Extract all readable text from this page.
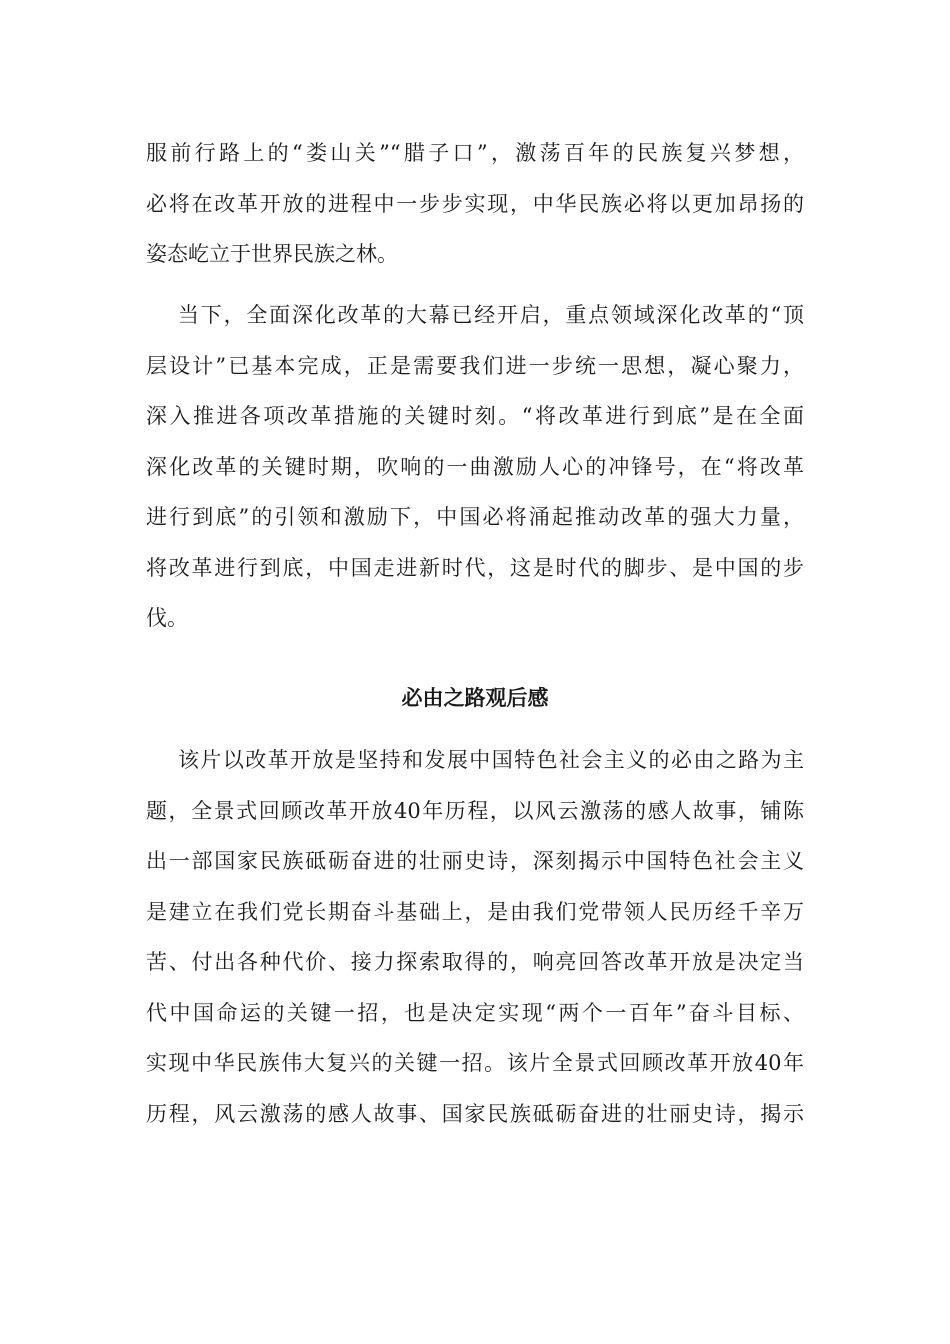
服前行路上的“娄山关”“腊子口”，激荡百年的民族复兴梦想，
必将在改革开放的进程中一步步实现，中华民族必将以更加昂扬的
姿态屹立于世界民族之林。
当下，全面深化改革的大幕已经开启，重点领域深化改革的“顶
层设计”已基本完成，正是需要我们进一步统一思想，凝心聚力，
深入推进各项改革措施的关键时刻。“将改革进行到底”是在全面
深化改革的关键时期，吹响的一曲激励人心的冲锋号，在“将改革
进行到底”的引领和激励下，中国必将涌起推动改革的强大力量，
将改革进行到底，中国走进新时代，这是时代的脚步、是中国的步
伐。
必由之路观后感
该片以改革开放是坚持和发展中国特色社会主义的必由之路为主
题，全景式回顾改革开放40年历程，以风云激荡的感人故事，铺陈
出一部国家民族砥砺奋进的壮丽史诗，深刻揭示中国特色社会主义
是建立在我们党长期奋斗基础上，是由我们党带领人民历经千辛万
苦、付出各种代价、接力探索取得的，响亮回答改革开放是决定当
代中国命运的关键一招，也是决定实现“两个一百年”奋斗目标、
实现中华民族伟大复兴的关键一招。该片全景式回顾改革开放40年
历程，风云激荡的感人故事、国家民族砥砺奋进的壮丽史诗，揭示
